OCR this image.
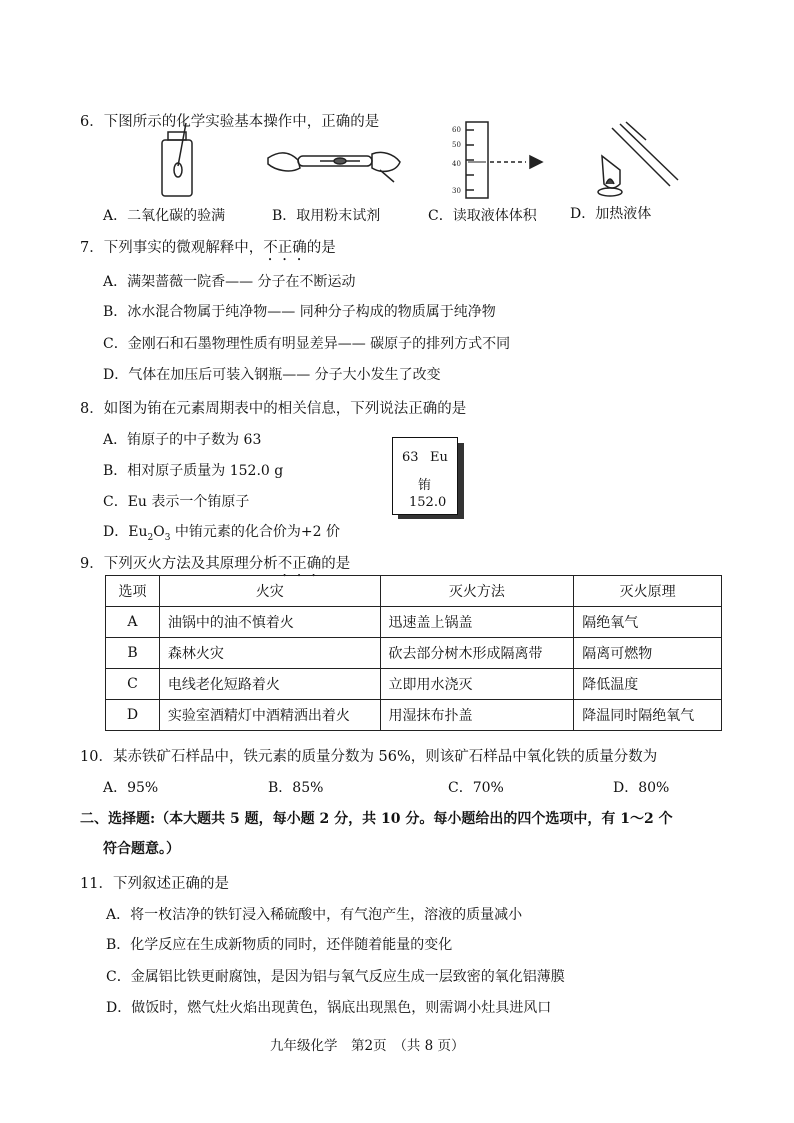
6．下图所示的化学实验基本操作中，正确的是	60
50
40
30
A．二氧化碳的验满	B．取用粉末试剂	C．读取液体体积 D．加热液体
7．下列事实的微观解释中，不正确的是
A．满架蔷薇一院香—— 分子在不断运动
B．冰水混合物属于纯净物—— 同种分子构成的物质属于纯净物
C．金刚石和石墨物理性质有明显差异—— 碳原子的排列方式不同
D．气体在加压后可装入钢瓶—— 分子大小发生了改变
8．如图为铕在元素周期表中的相关信息，下列说法正确的是
A．铕原子的中子数为 63
B．相对原子质量为 152.0 g
C．Eu 表示一个铕原子
D．$Eu_2O_3$ 中铕元素的化合价为+2 价
63 Eu
铕
152.0
9．下列灭火方法及其原理分析不正确的是
选项	火灾	灭火方法	灭火原理
A	油锅中的油不慎着火	迅速盖上锅盖	隔绝氧气
B	森林火灾	砍去部分树木形成隔离带	隔离可燃物
C	电线老化短路着火	立即用水浇灭	降低温度
D	实验室酒精灯中酒精洒出着火	用湿抹布扑盖	降温同时隔绝氧气
10．某赤铁矿石样品中，铁元素的质量分数为 56%，则该矿石样品中氧化铁的质量分数为
A．95%	B．85%	C．70%	D．80%
二、选择题:（本大题共 5 题，每小题 2 分，共 10 分。每小题给出的四个选项中，有 1～2 个
符合题意。）
11．下列叙述正确的是
A．将一枚洁净的铁钉浸入稀硫酸中，有气泡产生，溶液的质量减小
B．化学反应在生成新物质的同时，还伴随着能量的变化
C．金属铝比铁更耐腐蚀，是因为铝与氧气反应生成一层致密的氧化铝薄膜
D．做饭时，燃气灶火焰出现黄色，锅底出现黑色，则需调小灶具进风口
九年级化学　第2页　（共 8 页）
